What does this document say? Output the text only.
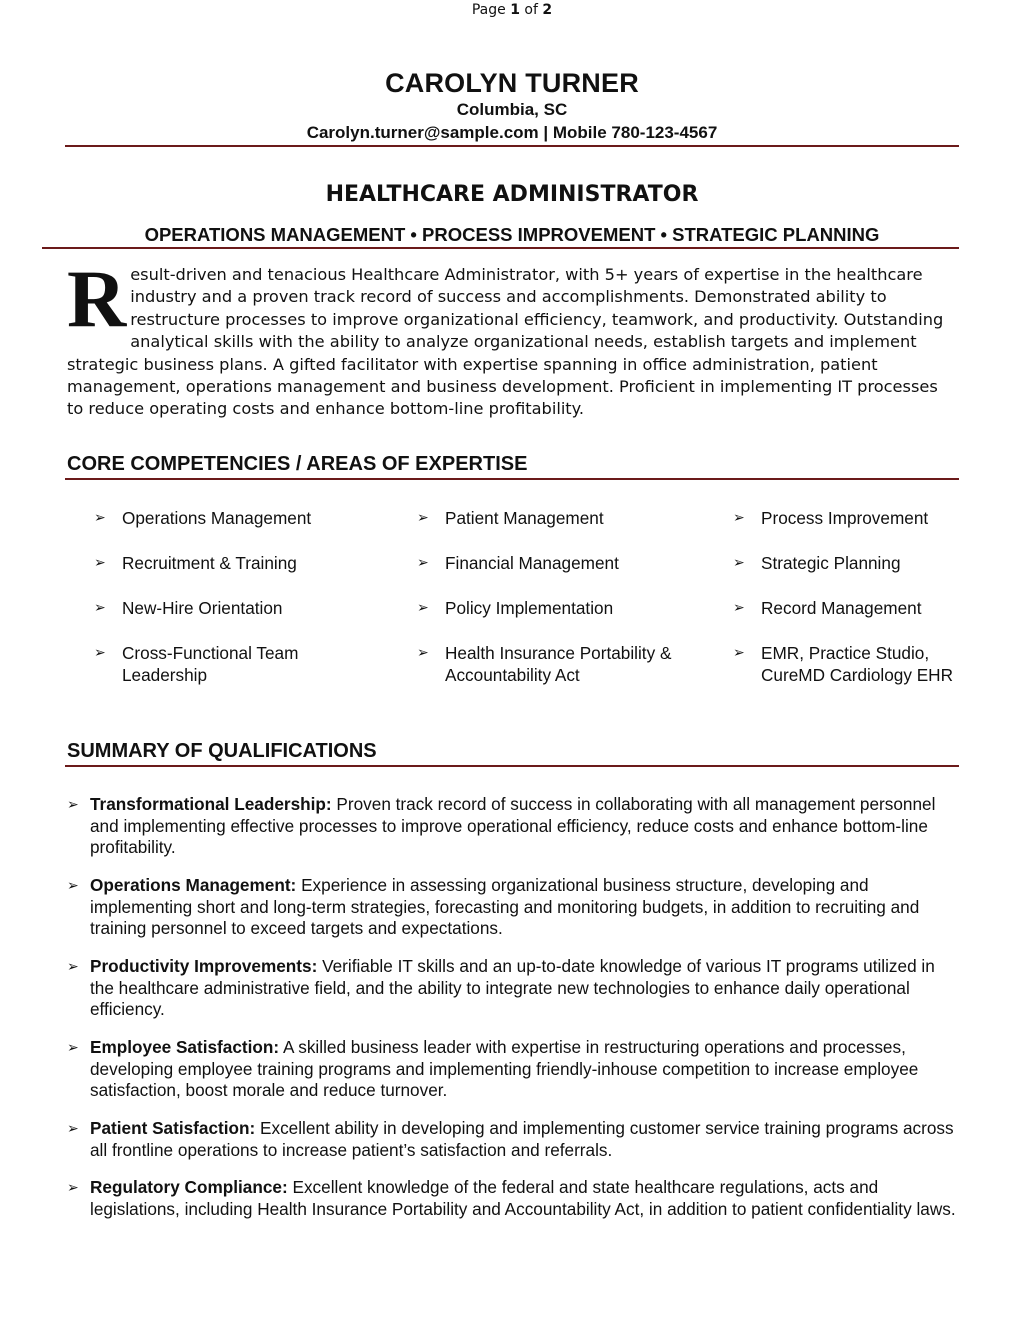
Page 1 of 2
CAROLYN TURNER
Columbia, SC
Carolyn.turner@sample.com | Mobile 780-123-4567
HEALTHCARE ADMINISTRATOR
OPERATIONS MANAGEMENT • PROCESS IMPROVEMENT • STRATEGIC PLANNING
R esult-driven and tenacious Healthcare Administrator, with 5+ years of expertise in the healthcare industry and a proven track record of success and accomplishments. Demonstrated ability to restructure processes to improve organizational efficiency, teamwork, and productivity. Outstanding analytical skills with the ability to analyze organizational needs, establish targets and implement strategic business plans. A gifted facilitator with expertise spanning in office administration, patient management, operations management and business development. Proficient in implementing IT processes to reduce operating costs and enhance bottom-line profitability.
CORE COMPETENCIES / AREAS OF EXPERTISE
➢ Operations Management
➢ Recruitment & Training
➢ New-Hire Orientation
➢ Cross-Functional Team Leadership
➢ Patient Management
➢ Financial Management
➢ Policy Implementation
➢ Health Insurance Portability & Accountability Act
➢ Process Improvement
➢ Strategic Planning
➢ Record Management
➢ EMR, Practice Studio, CureMD Cardiology EHR
SUMMARY OF QUALIFICATIONS
➢ Transformational Leadership: Proven track record of success in collaborating with all management personnel and implementing effective processes to improve operational efficiency, reduce costs and enhance bottom-line profitability.
➢ Operations Management: Experience in assessing organizational business structure, developing and implementing short and long-term strategies, forecasting and monitoring budgets, in addition to recruiting and training personnel to exceed targets and expectations.
➢ Productivity Improvements: Verifiable IT skills and an up-to-date knowledge of various IT programs utilized in the healthcare administrative field, and the ability to integrate new technologies to enhance daily operational efficiency.
➢ Employee Satisfaction: A skilled business leader with expertise in restructuring operations and processes, developing employee training programs and implementing friendly-inhouse competition to increase employee satisfaction, boost morale and reduce turnover.
➢ Patient Satisfaction: Excellent ability in developing and implementing customer service training programs across all frontline operations to increase patient’s satisfaction and referrals.
➢ Regulatory Compliance: Excellent knowledge of the federal and state healthcare regulations, acts and legislations, including Health Insurance Portability and Accountability Act, in addition to patient confidentiality laws.
